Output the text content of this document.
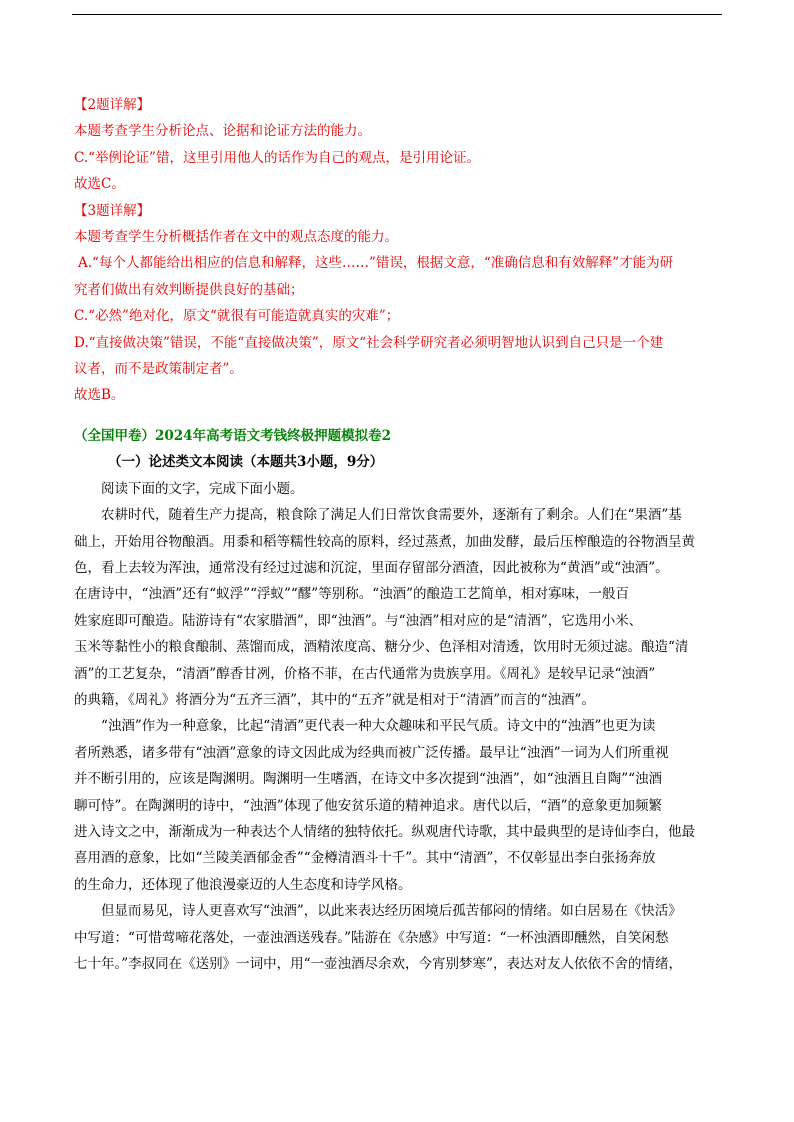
【2题详解】

本题考查学生分析论点、论据和论证方法的能力。

C.“举例论证”错，这里引用他人的话作为自己的观点，是引用论证。

故选C。

【3题详解】

本题考查学生分析概括作者在文中的观点态度的能力。

A.“每个人都能给出相应的信息和解释，这些……”错误，根据文意，“准确信息和有效解释”才能为研

究者们做出有效判断提供良好的基础；

C.“必然”绝对化，原文“就很有可能造就真实的灾难”；

D.“直接做决策”错误，不能“直接做决策”，原文“社会科学研究者必须明智地认识到自己只是一个建

议者，而不是政策制定者”。

故选B。

（全国甲卷）2024年高考语文考钱终极押题模拟卷2

（一）论述类文本阅读（本题共3小题，9分）

阅读下面的文字，完成下面小题。

农耕时代，随着生产力提高，粮食除了满足人们日常饮食需要外，逐渐有了剩余。人们在“果酒”基

础上，开始用谷物酿酒。用黍和稻等糯性较高的原料，经过蒸煮，加曲发酵，最后压榨酿造的谷物酒呈黄

色，看上去较为浑浊，通常没有经过过滤和沉淀，里面存留部分酒渣，因此被称为“黄酒”或“浊酒”。

在唐诗中，“浊酒”还有“蚁浮”“浮蚁”“醪”等别称。“浊酒”的酿造工艺简单，相对寡味，一般百

姓家庭即可酿造。陆游诗有“农家腊酒”，即“浊酒”。与“浊酒”相对应的是“清酒”，它选用小米、

玉米等黏性小的粮食酿制、蒸馏而成，酒精浓度高、糖分少、色泽相对清透，饮用时无须过滤。酿造“清

酒”的工艺复杂，“清酒”醇香甘冽，价格不菲，在古代通常为贵族享用。《周礼》是较早记录“浊酒”

的典籍，《周礼》将酒分为“五齐三酒”，其中的“五齐”就是相对于“清酒”而言的“浊酒”。

“浊酒”作为一种意象，比起“清酒”更代表一种大众趣味和平民气质。诗文中的“浊酒”也更为读

者所熟悉，诸多带有“浊酒”意象的诗文因此成为经典而被广泛传播。最早让“浊酒”一词为人们所重视

并不断引用的，应该是陶渊明。陶渊明一生嗜酒，在诗文中多次提到“浊酒”，如“浊酒且自陶”“浊酒

聊可恃”。在陶渊明的诗中，“浊酒”体现了他安贫乐道的精神追求。唐代以后，“酒”的意象更加频繁

进入诗文之中，渐渐成为一种表达个人情绪的独特依托。纵观唐代诗歌，其中最典型的是诗仙李白，他最

喜用酒的意象，比如“兰陵美酒郁金香”“金樽清酒斗十千”。其中“清酒”，不仅彰显出李白张扬奔放

的生命力，还体现了他浪漫豪迈的人生态度和诗学风格。

但显而易见，诗人更喜欢写“浊酒”，以此来表达经历困境后孤苦郁闷的情绪。如白居易在《快活》

中写道：“可惜莺啼花落处，一壶浊酒送残春。”陆游在《杂感》中写道：“一杯浊酒即醺然，自笑闲愁

七十年。”李叔同在《送别》一词中，用“一壶浊酒尽余欢，今宵别梦寒”，表达对友人依依不舍的情绪，
